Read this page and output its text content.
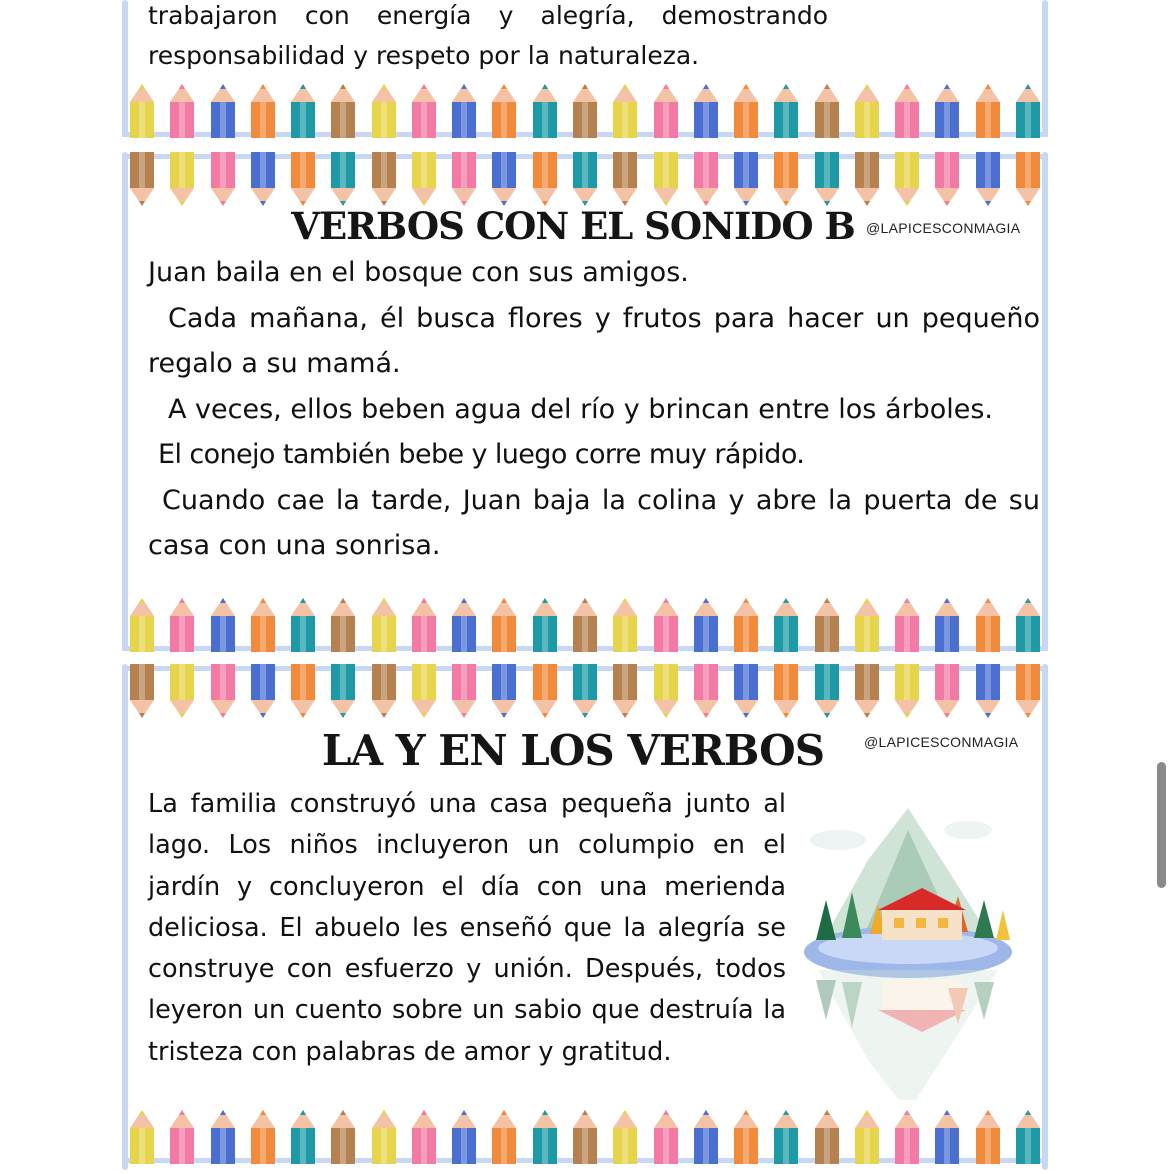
trabajaron con energía y alegría, demostrando

responsabilidad y respeto por la naturaleza.

VERBOS CON EL SONIDO B @LAPICESCONMAGIA

Juan baila en el bosque con sus amigos.

Cada mañana, él busca flores y frutos para hacer un pequeño regalo a su mamá.

A veces, ellos beben agua del río y brincan entre los árboles.

El conejo también bebe y luego corre muy rápido.

Cuando cae la tarde, Juan baja la colina y abre la puerta de su casa con una sonrisa.

LA Y EN LOS VERBOS	@LAPICESCONMAGIA

La familia construyó una casa pequeña junto al lago. Los niños incluyeron un columpio en el jardín y concluyeron el día con una merienda deliciosa. El abuelo les enseñó que la alegría se construye con esfuerzo y unión. Después, todos leyeron un cuento sobre un sabio que destruía la tristeza con palabras de amor y gratitud.
